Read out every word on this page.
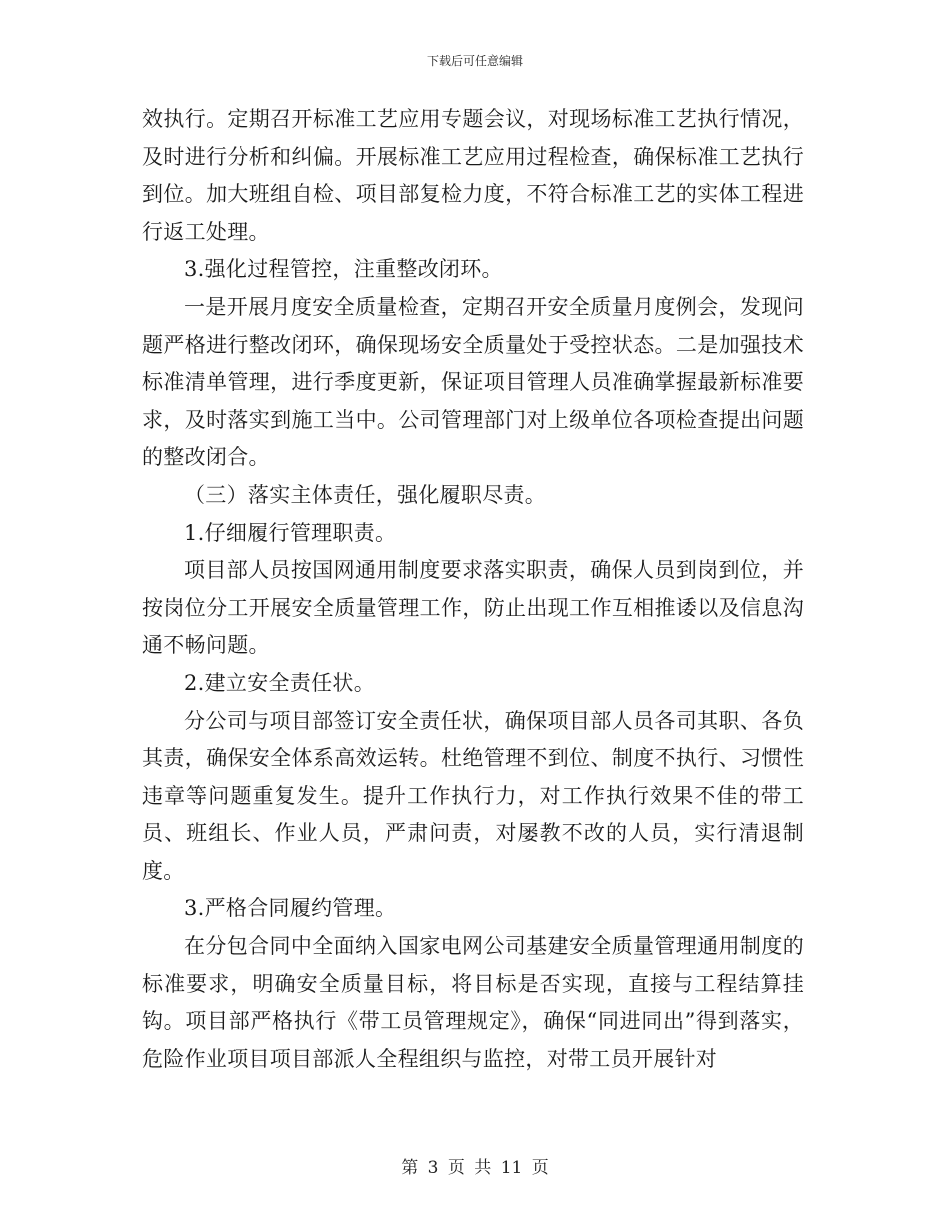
下载后可任意编辑

效执行。定期召开标准工艺应用专题会议，对现场标准工艺执行情况，及时进行分析和纠偏。开展标准工艺应用过程检查，确保标准工艺执行到位。加大班组自检、项目部复检力度，不符合标准工艺的实体工程进行返工处理。

3.强化过程管控，注重整改闭环。

一是开展月度安全质量检查，定期召开安全质量月度例会，发现问题严格进行整改闭环，确保现场安全质量处于受控状态。二是加强技术标准清单管理，进行季度更新，保证项目管理人员准确掌握最新标准要求，及时落实到施工当中。公司管理部门对上级单位各项检查提出问题的整改闭合。

（三）落实主体责任，强化履职尽责。

1.仔细履行管理职责。

项目部人员按国网通用制度要求落实职责，确保人员到岗到位，并按岗位分工开展安全质量管理工作，防止出现工作互相推诿以及信息沟通不畅问题。

2.建立安全责任状。

分公司与项目部签订安全责任状，确保项目部人员各司其职、各负其责，确保安全体系高效运转。杜绝管理不到位、制度不执行、习惯性违章等问题重复发生。提升工作执行力，对工作执行效果不佳的带工员、班组长、作业人员，严肃问责，对屡教不改的人员，实行清退制度。

3.严格合同履约管理。

在分包合同中全面纳入国家电网公司基建安全质量管理通用制度的标准要求，明确安全质量目标，将目标是否实现，直接与工程结算挂钩。项目部严格执行《带工员管理规定》，确保“同进同出”得到落实，危险作业项目项目部派人全程组织与监控，对带工员开展针对

第 3 页 共 11 页
